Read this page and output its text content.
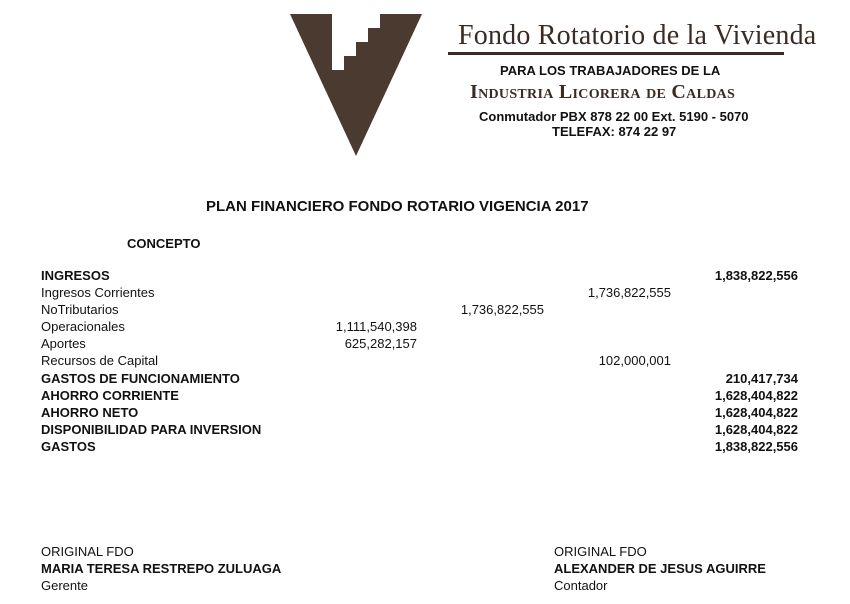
Fondo Rotatorio de la Vivienda
PARA LOS TRABAJADORES DE LA
Industria Licorera de Caldas
Conmutador PBX 878 22 00 Ext. 5190 - 5070
TELEFAX: 874 22 97
PLAN FINANCIERO FONDO ROTARIO VIGENCIA 2017
CONCEPTO
INGRESOS	1,838,822,556
Ingresos Corrientes	1,736,822,555
NoTributarios	1,736,822,555
Operacionales	1,111,540,398
Aportes	625,282,157
Recursos de Capital	102,000,001
GASTOS DE FUNCIONAMIENTO	210,417,734
AHORRO CORRIENTE	1,628,404,822
AHORRO NETO	1,628,404,822
DISPONIBILIDAD PARA INVERSION	1,628,404,822
GASTOS	1,838,822,556
ORIGINAL FDO
MARIA TERESA RESTREPO ZULUAGA
Gerente
ORIGINAL FDO
ALEXANDER DE JESUS AGUIRRE
Contador
